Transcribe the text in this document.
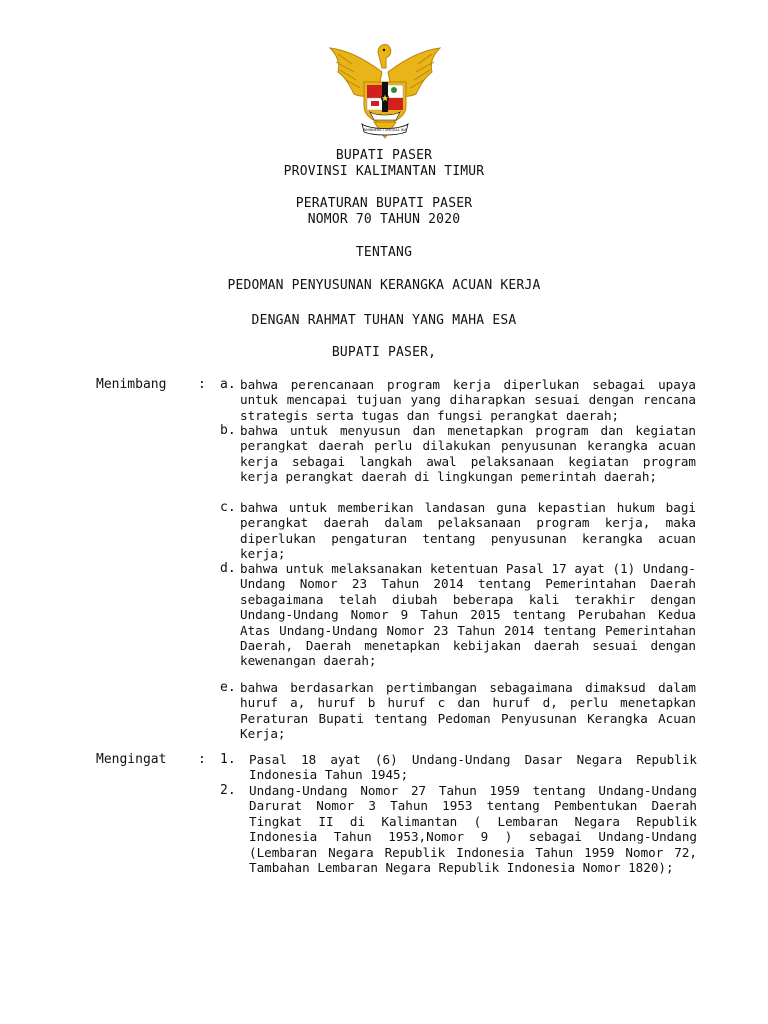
BHINNEKA TUNGGAL IKA
BUPATI PASER
PROVINSI KALIMANTAN TIMUR
PERATURAN BUPATI PASER
NOMOR 70 TAHUN 2020
TENTANG
PEDOMAN PENYUSUNAN KERANGKA ACUAN KERJA
DENGAN RAHMAT TUHAN YANG MAHA ESA
BUPATI PASER,
Menimbang : a. bahwa perencanaan program kerja diperlukan sebagai upaya untuk mencapai tujuan yang diharapkan sesuai dengan rencana strategis serta tugas dan fungsi perangkat daerah;
b. bahwa untuk menyusun dan menetapkan program dan kegiatan perangkat daerah perlu dilakukan penyusunan kerangka acuan kerja sebagai langkah awal pelaksanaan kegiatan program kerja perangkat daerah di lingkungan pemerintah daerah;
c. bahwa untuk memberikan landasan guna kepastian hukum bagi perangkat daerah dalam pelaksanaan program kerja, maka diperlukan pengaturan tentang penyusunan kerangka acuan kerja;
d. bahwa untuk melaksanakan ketentuan Pasal 17 ayat (1) Undang-Undang Nomor 23 Tahun 2014 tentang Pemerintahan Daerah sebagaimana telah diubah beberapa kali terakhir dengan Undang-Undang Nomor 9 Tahun 2015 tentang Perubahan Kedua Atas Undang-Undang Nomor 23 Tahun 2014 tentang Pemerintahan Daerah, Daerah menetapkan kebijakan daerah sesuai dengan kewenangan daerah;
e. bahwa berdasarkan pertimbangan sebagaimana dimaksud dalam huruf a, huruf b huruf c dan huruf d, perlu menetapkan Peraturan Bupati tentang Pedoman Penyusunan Kerangka Acuan Kerja;
Mengingat : 1. Pasal 18 ayat (6) Undang-Undang Dasar Negara Republik Indonesia Tahun 1945;
2. Undang-Undang Nomor 27 Tahun 1959 tentang Undang-Undang Darurat Nomor 3 Tahun 1953 tentang Pembentukan Daerah Tingkat II di Kalimantan ( Lembaran Negara Republik Indonesia Tahun 1953,Nomor 9 ) sebagai Undang-Undang (Lembaran Negara Republik Indonesia Tahun 1959 Nomor 72, Tambahan Lembaran Negara Republik Indonesia Nomor 1820);
